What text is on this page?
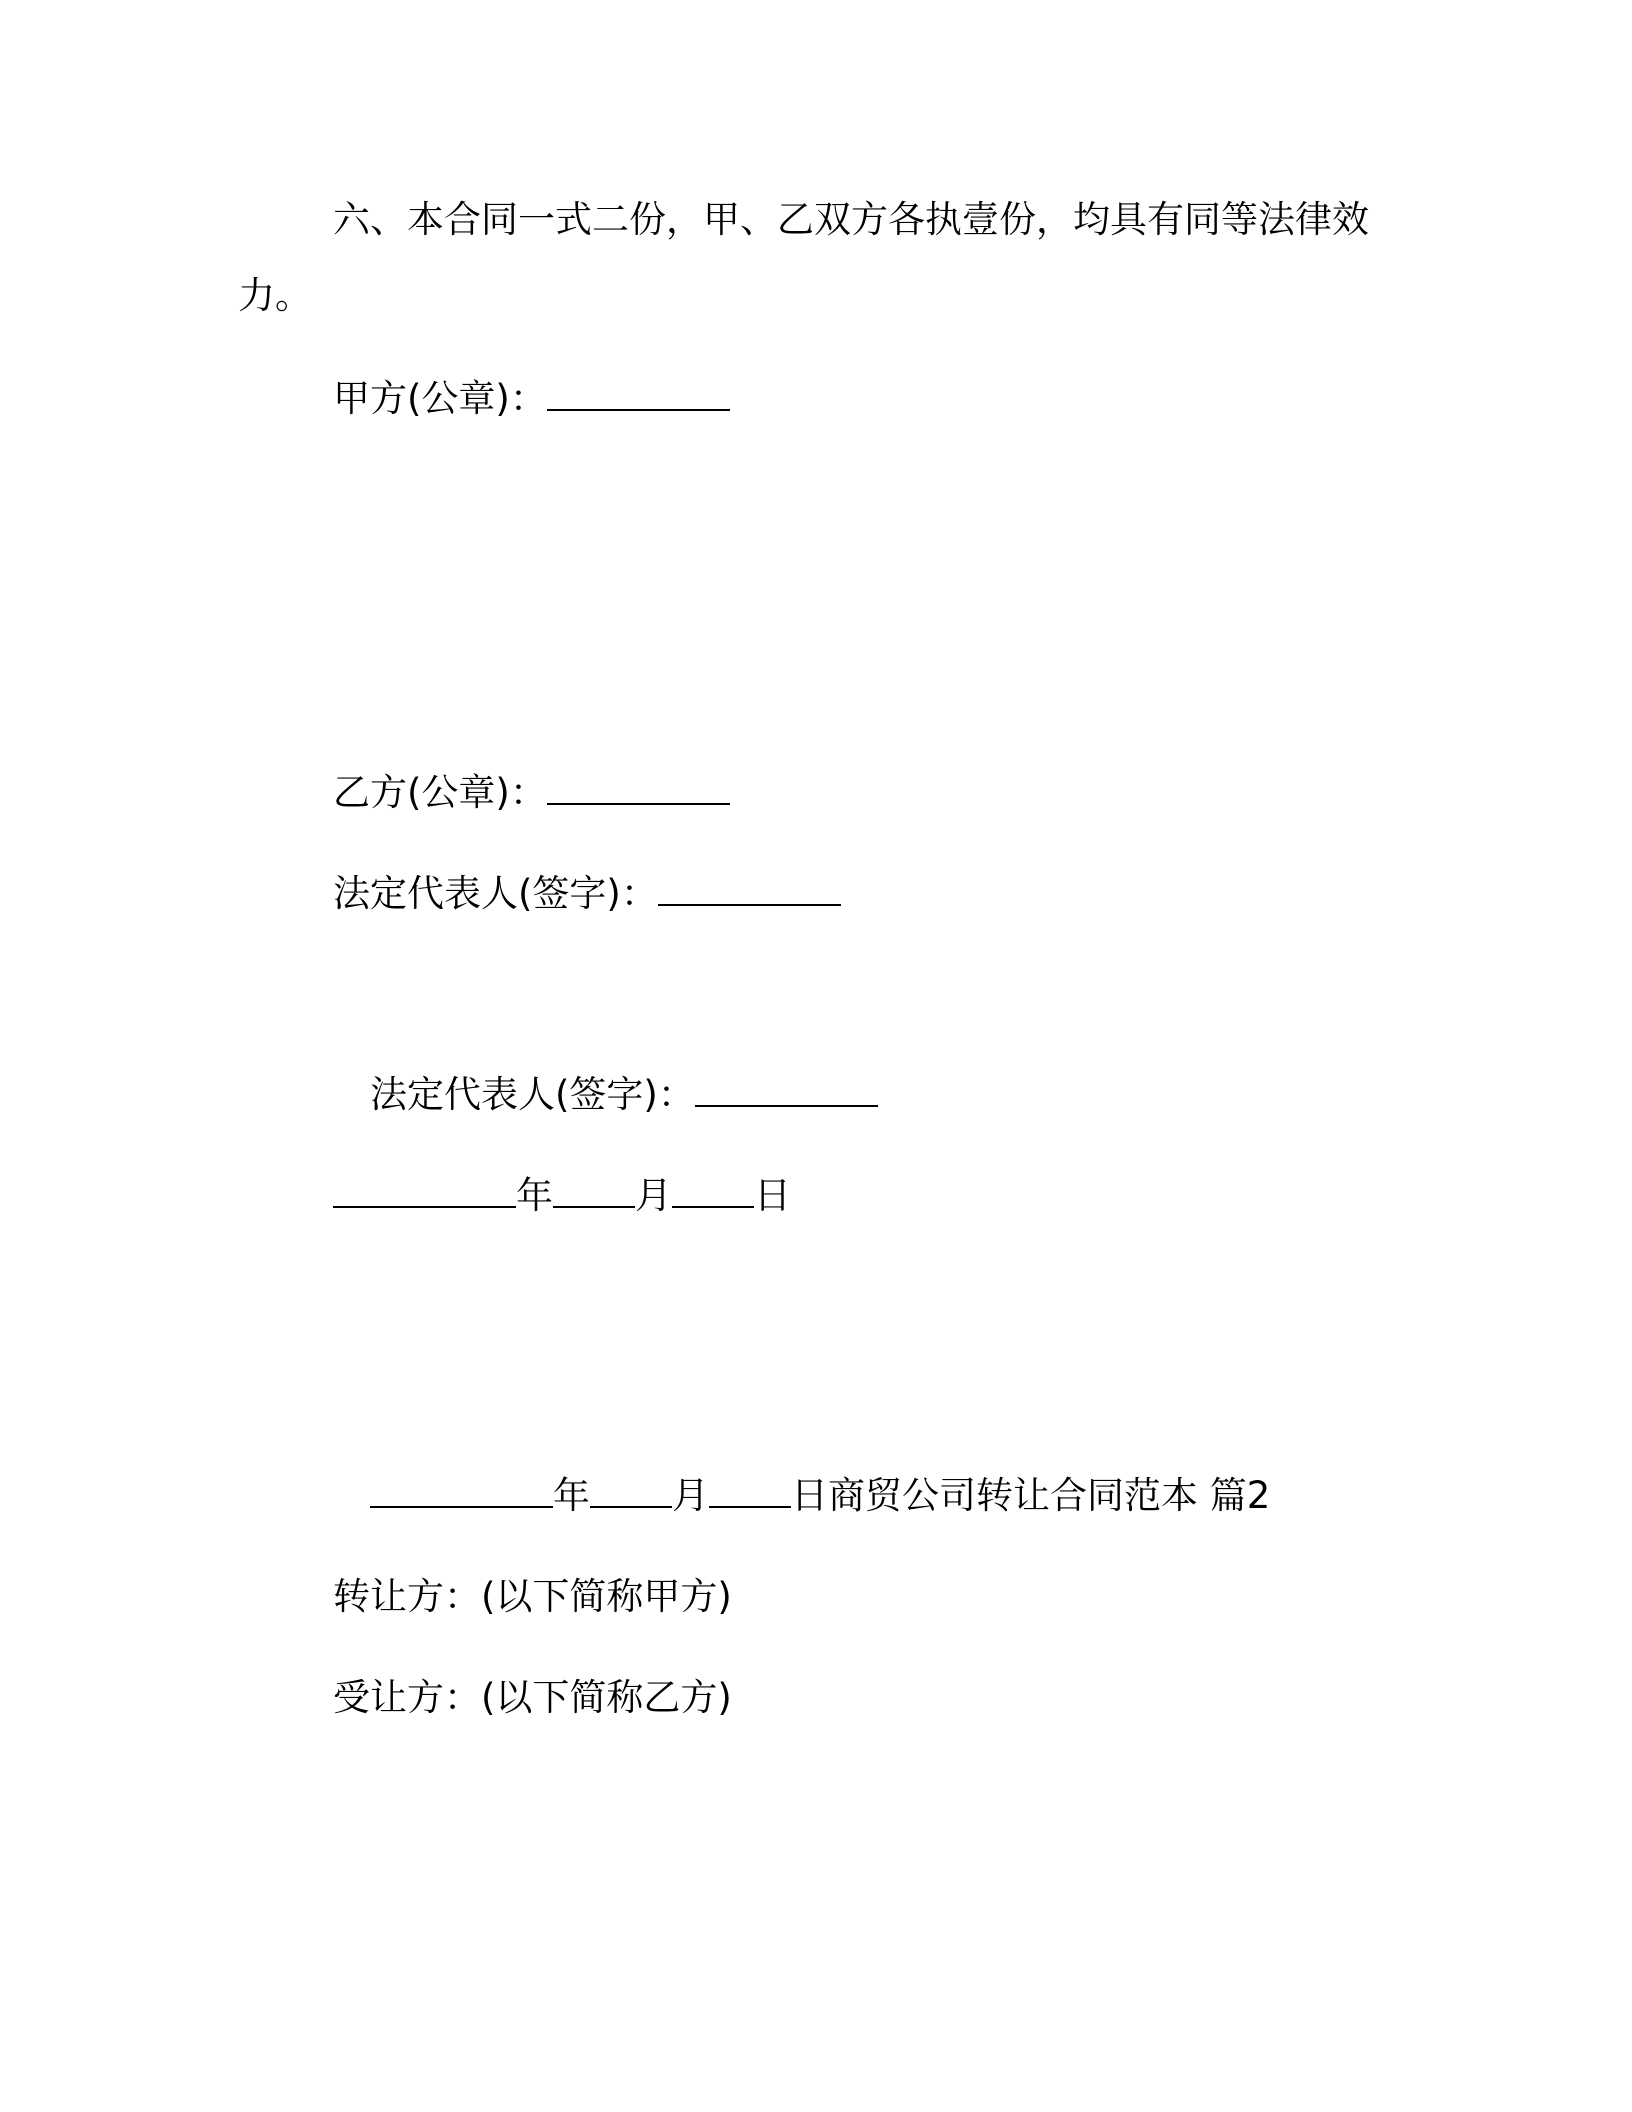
六、本合同一式二份，甲、乙双方各执壹份，均具有同等法律效

力。

甲方(公章)：

乙方(公章)：

法定代表人(签字)：

法定代表人(签字)：

年 月 日

年 月 日商贸公司转让合同范本 篇2

转让方：(以下简称甲方)

受让方：(以下简称乙方)
